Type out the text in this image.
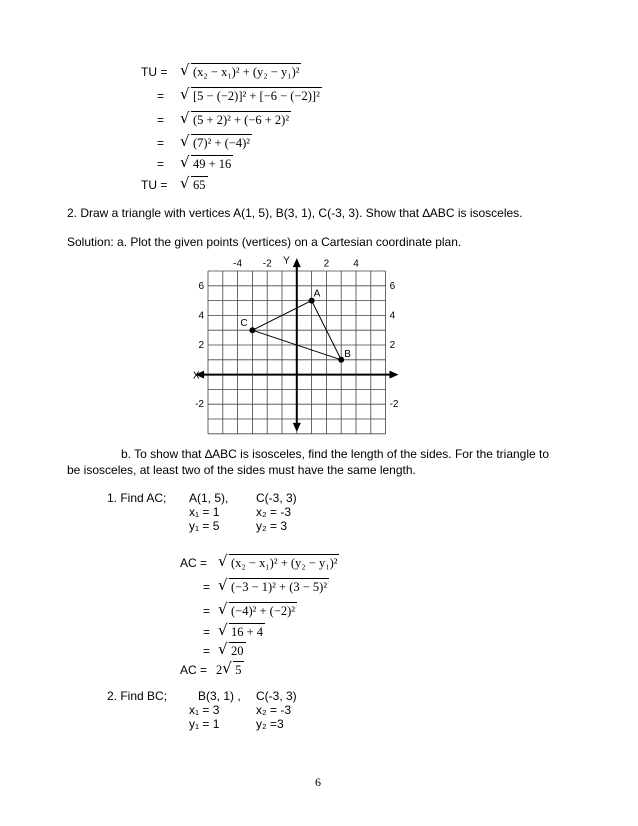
TU =	√ (x₂ − x₁)² + (y₂ − y₁)²
=	√ [5 − (−2)]² + [−6 − (−2)]²
=	√ (5 + 2)² + (−6 + 2)²
=	√ (7)² + (−4)²
=	√ 49 + 16
TU =	√ 65
2. Draw a triangle with vertices A(1, 5), B(3, 1), C(-3, 3). Show that ∆ABC is isosceles.
Solution: a. Plot the given points (vertices) on a Cartesian coordinate plan.
Y
X
-4 -2	2 4
6
4
2
-2
6
4
2
-2
A
B
C
b. To show that ∆ABC is isosceles, find the length of the sides. For the triangle to
be isosceles, at least two of the sides must have the same length.
1. Find AC; A(1, 5), C(-3, 3)
x₁ = 1	x₂ = -3
y₁ = 5	y₂ = 3
AC =	√ (x₂ − x₁)² + (y₂ − y₁)²
=	√ (−3 − 1)² + (3 − 5)²
=	√ (−4)² + (−2)²
=	√ 16 + 4
=	√ 20
AC = 2 √ 5
2. Find BC;	B(3, 1) , C(-3, 3)
x₁ = 3	x₂ = -3
y₁ = 1	y₂ =3
6
